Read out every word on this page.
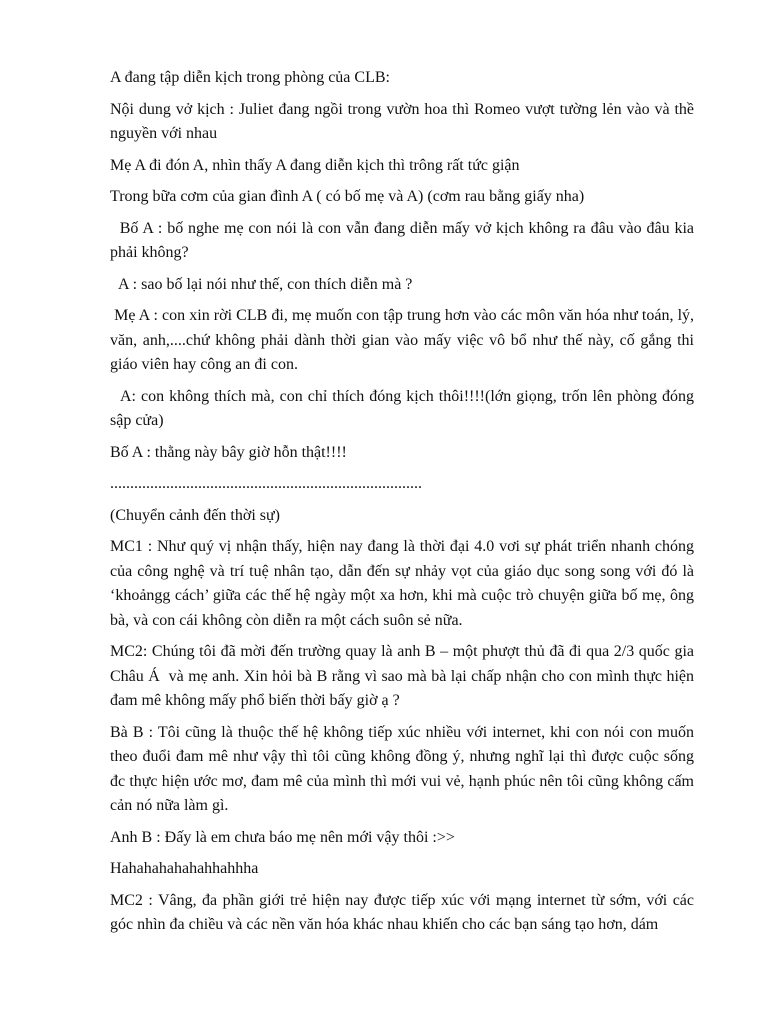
A đang tập diễn kịch trong phòng của CLB:

Nội dung vở kịch : Juliet đang ngồi trong vườn hoa thì Romeo vượt tường lẻn vào và thề nguyền với nhau

Mẹ A đi đón A, nhìn thấy A đang diễn kịch thì trông rất tức giận

Trong bữa cơm của gian đình A ( có bố mẹ và A) (cơm rau bằng giấy nha)

Bố A : bố nghe mẹ con nói là con vẫn đang diễn mấy vở kịch không ra đâu vào đâu kia phải không?

A : sao bố lại nói như thế, con thích diễn mà ?

Mẹ A : con xin rời CLB đi, mẹ muốn con tập trung hơn vào các môn văn hóa như toán, lý, văn, anh,....chứ không phải dành thời gian vào mấy việc vô bổ như thế này, cố gắng thi giáo viên hay công an đi con.

A: con không thích mà, con chỉ thích đóng kịch thôi!!!!(lớn giọng, trốn lên phòng đóng sập cửa)

Bố A : thằng này bây giờ hỗn thật!!!!

..............................................................................

(Chuyển cảnh đến thời sự)

MC1 : Như quý vị nhận thấy, hiện nay đang là thời đại 4.0 vơi sự phát triển nhanh chóng của công nghệ và trí tuệ nhân tạo, dẫn đến sự nhảy vọt của giáo dục song song với đó là ‘khoảngg cách’ giữa các thế hệ ngày một xa hơn, khi mà cuộc trò chuyện giữa bố mẹ, ông bà, và con cái không còn diễn ra một cách suôn sẻ nữa.

MC2: Chúng tôi đã mời đến trường quay là anh B – một phượt thủ đã đi qua 2/3 quốc gia Châu Á  và mẹ anh. Xin hỏi bà B rằng vì sao mà bà lại chấp nhận cho con mình thực hiện đam mê không mấy phổ biến thời bấy giờ ạ ?

Bà B : Tôi cũng là thuộc thế hệ không tiếp xúc nhiều với internet, khi con nói con muốn theo đuổi đam mê như vậy thì tôi cũng không đồng ý, nhưng nghĩ lại thì được cuộc sống đc thực hiện ước mơ, đam mê của mình thì mới vui vẻ, hạnh phúc nên tôi cũng không cấm cản nó nữa làm gì.

Anh B : Đấy là em chưa báo mẹ nên mới vậy thôi :>>

Hahahahahahahhahhha

MC2 : Vâng, đa phần giới trẻ hiện nay được tiếp xúc với mạng internet từ sớm, với các góc nhìn đa chiều và các nền văn hóa khác nhau khiến cho các bạn sáng tạo hơn, dám
